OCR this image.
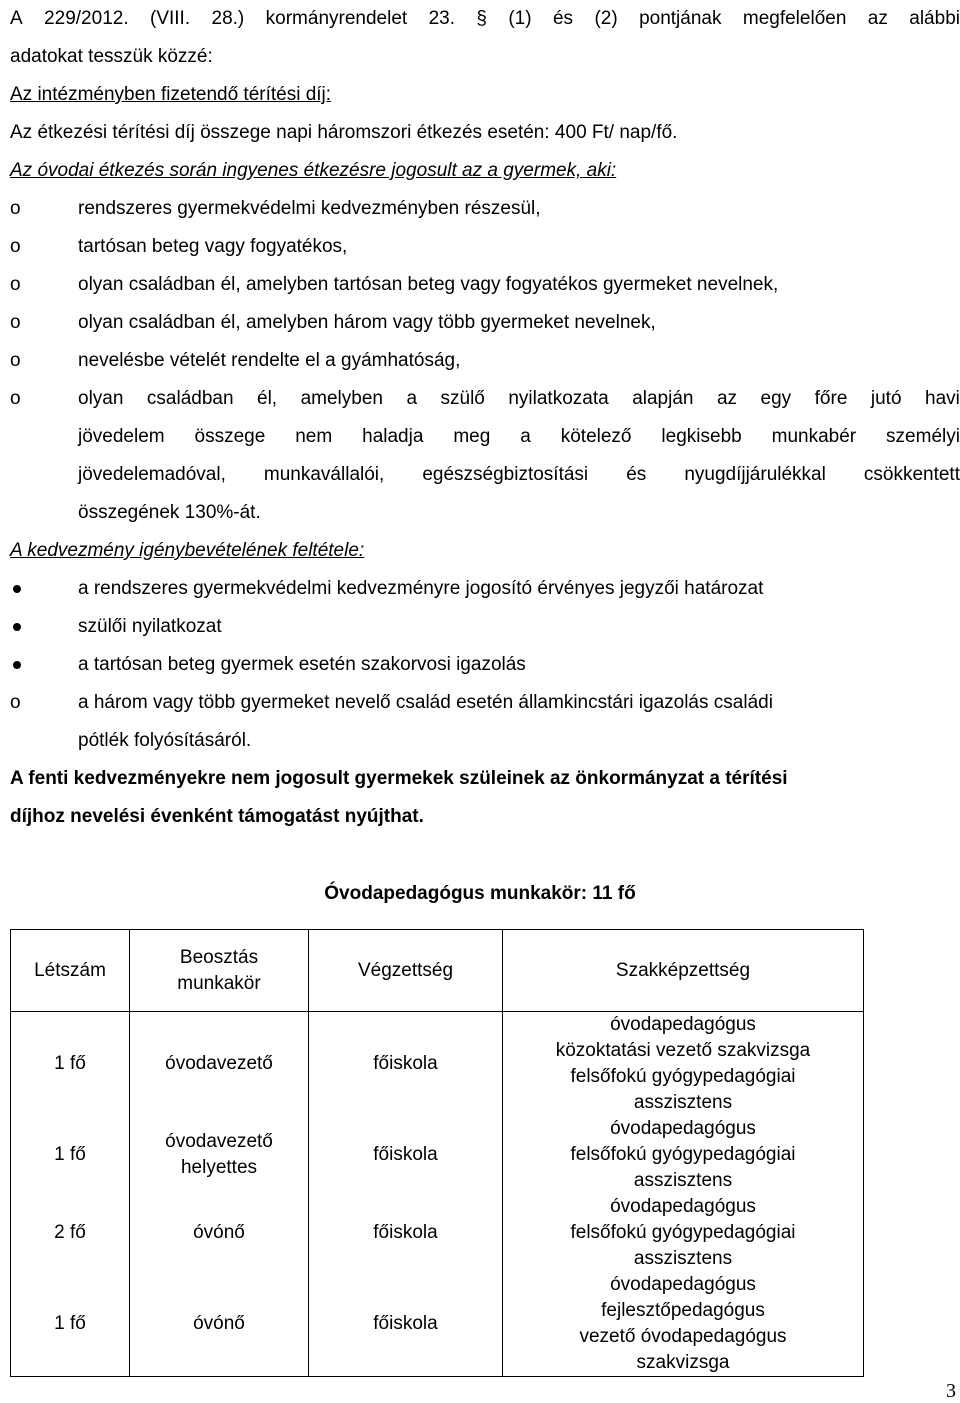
A 229/2012. (VIII. 28.) kormányrendelet 23. § (1) és (2) pontjának megfelelően az alábbi
adatokat tesszük közzé:
Az intézményben fizetendő térítési díj:
Az étkezési térítési díj összege napi háromszori étkezés esetén: 400 Ft/ nap/fő.
Az óvodai étkezés során ingyenes étkezésre jogosult az a gyermek, aki:
o	rendszeres gyermekvédelmi kedvezményben részesül,
o	tartósan beteg vagy fogyatékos,
o	olyan családban él, amelyben tartósan beteg vagy fogyatékos gyermeket nevelnek,
o	olyan családban él, amelyben három vagy több gyermeket nevelnek,
o	nevelésbe vételét rendelte el a gyámhatóság,
o	olyan családban él, amelyben a szülő nyilatkozata alapján az egy főre jutó havi
jövedelem összege nem haladja meg a kötelező legkisebb munkabér személyi
jövedelemadóval, munkavállalói, egészségbiztosítási és nyugdíjjárulékkal csökkentett
összegének 130%-át.
A kedvezmény igénybevételének feltétele:
a rendszeres gyermekvédelmi kedvezményre jogosító érvényes jegyzői határozat
szülői nyilatkozat
a tartósan beteg gyermek esetén szakorvosi igazolás
o	a három vagy több gyermeket nevelő család esetén államkincstári igazolás családi
pótlék folyósításáról.
A fenti kedvezményekre nem jogosult gyermekek szüleinek az önkormányzat a térítési
díjhoz nevelési évenként támogatást nyújthat.
Óvodapedagógus munkakör: 11 fő
Létszám	Beosztás munkakör	Végzettség	Szakképzettség
1 fő	óvodavezető	főiskola	óvodapedagógus
közoktatási vezető szakvizsga
felsőfokú gyógypedagógiai
asszisztens

1 fő	óvodavezető helyettes	főiskola	óvodapedagógus
felsőfokú gyógypedagógiai
asszisztens

2 fő	óvónő	főiskola	óvodapedagógus
felsőfokú gyógypedagógiai
asszisztens

1 fő	óvónő	főiskola	óvodapedagógus
fejlesztőpedagógus
vezető óvodapedagógus
szakvizsga
3
